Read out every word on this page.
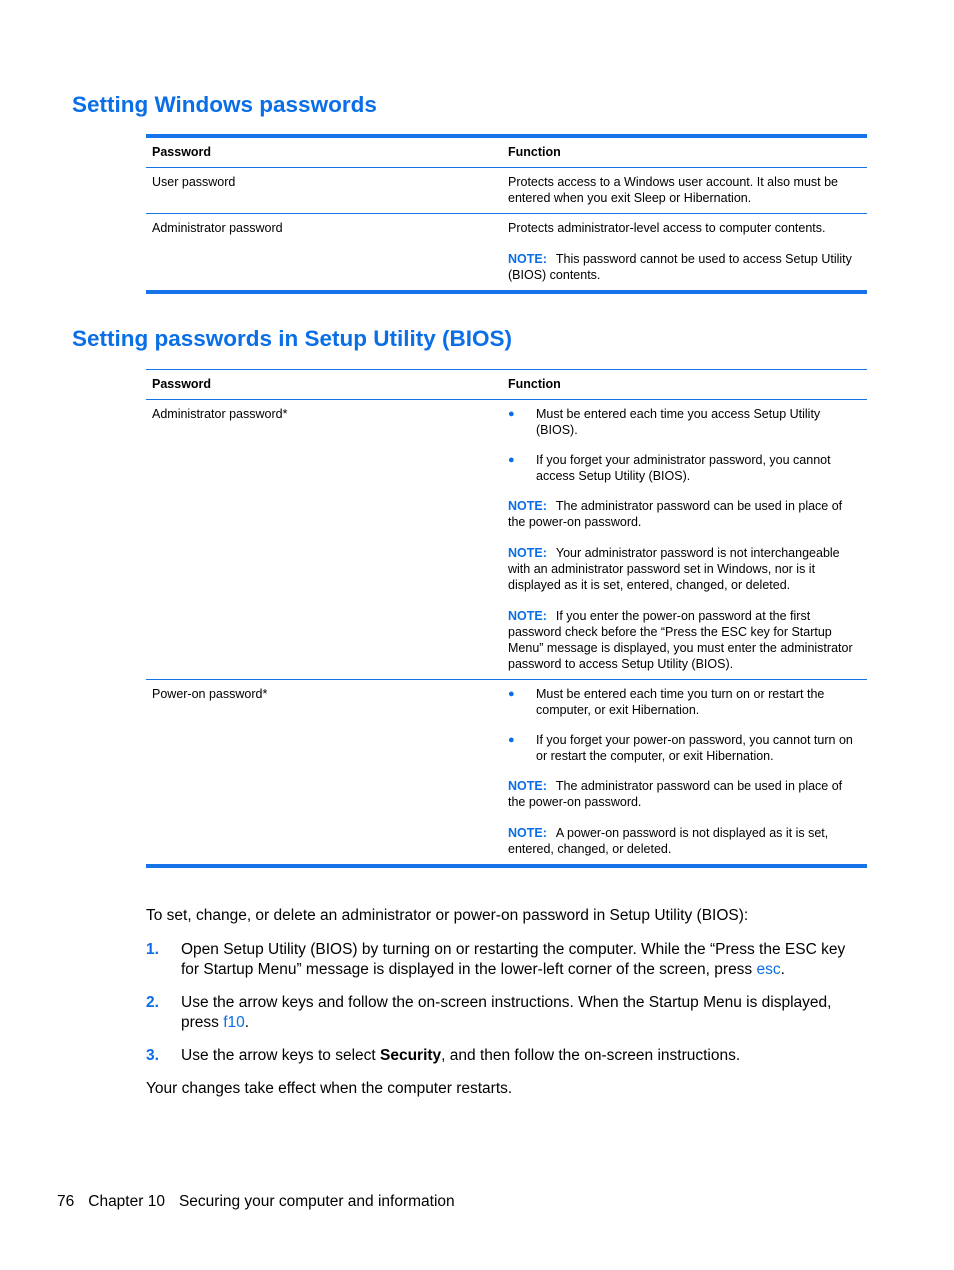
Setting Windows passwords
Password	Function
User password	Protects access to a Windows user account. It also must be entered when you exit Sleep or Hibernation.

Administrator password	Protects administrator-level access to computer contents.

NOTE: This password cannot be used to access Setup Utility (BIOS) contents.

Setting passwords in Setup Utility (BIOS)
Password	Function
Administrator password*	●	Must be entered each time you access Setup Utility (BIOS).
●	If you forget your administrator password, you cannot access Setup Utility (BIOS).

NOTE: The administrator password can be used in place of the power-on password.

NOTE: Your administrator password is not interchangeable with an administrator password set in Windows, nor is it displayed as it is set, entered, changed, or deleted.

NOTE: If you enter the power-on password at the first password check before the “Press the ESC key for Startup Menu” message is displayed, you must enter the administrator password to access Setup Utility (BIOS).

Power-on password*	●	Must be entered each time you turn on or restart the computer, or exit Hibernation.
●	If you forget your power-on password, you cannot turn on or restart the computer, or exit Hibernation.

NOTE: The administrator password can be used in place of the power-on password.

NOTE: A power-on password is not displayed as it is set, entered, changed, or deleted.

To set, change, or delete an administrator or power-on password in Setup Utility (BIOS):

1.	Open Setup Utility (BIOS) by turning on or restarting the computer. While the “Press the ESC key for Startup Menu” message is displayed in the lower-left corner of the screen, press esc.
2.	Use the arrow keys and follow the on-screen instructions. When the Startup Menu is displayed, press f10.
3.	Use the arrow keys to select Security, and then follow the on-screen instructions.

Your changes take effect when the computer restarts.

76 Chapter 10 Securing your computer and information
